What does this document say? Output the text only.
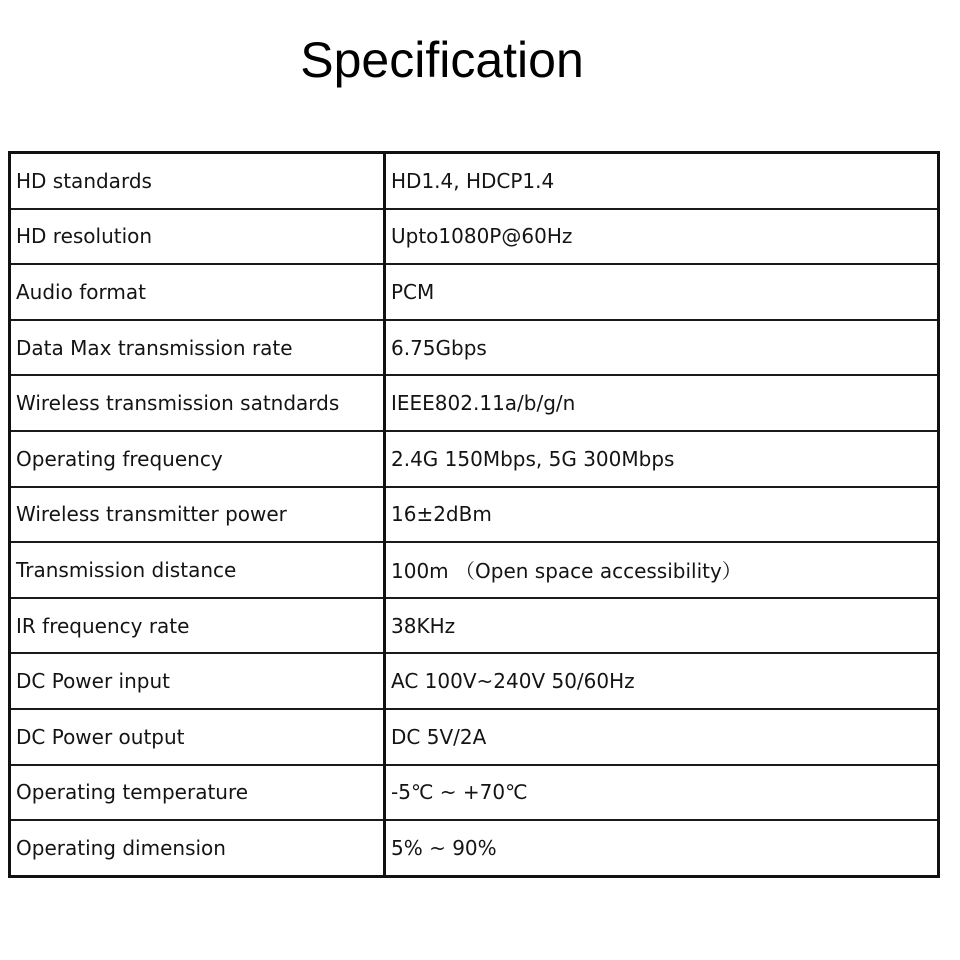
Specification
HD standards	HD1.4, HDCP1.4
HD resolution	Upto1080P@60Hz
Audio format	PCM
Data Max transmission rate	6.75Gbps
Wireless transmission satndards	IEEE802.11a/b/g/n
Operating frequency	2.4G 150Mbps, 5G 300Mbps
Wireless transmitter power	16±2dBm
Transmission distance	100m （Open space accessibility）
IR frequency rate	38KHz
DC Power input	AC 100V~240V 50/60Hz
DC Power output	DC 5V/2A
Operating temperature	-5℃ ~ +70℃
Operating dimension	5% ~ 90%
